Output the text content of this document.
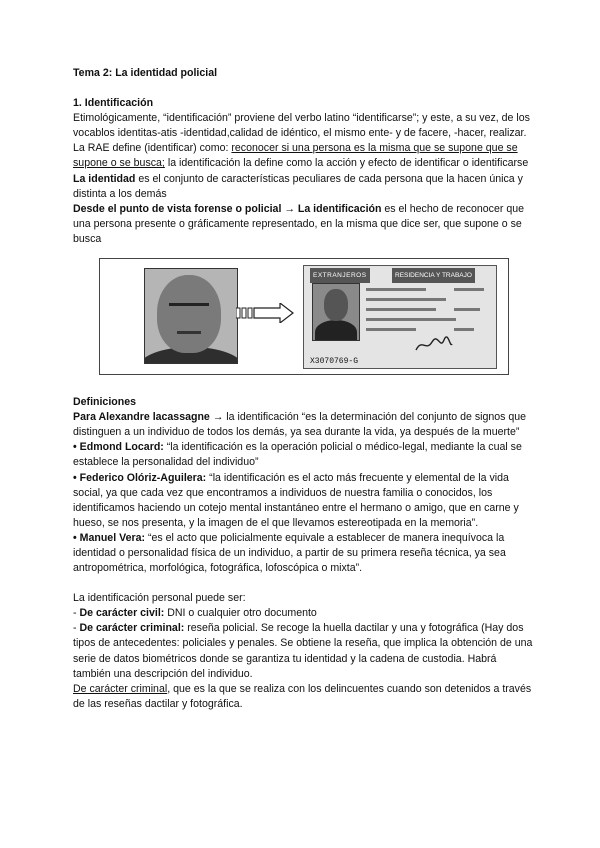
Tema 2: La identidad policial

1. Identificación

Etimológicamente, “identificación” proviene del verbo latino “identificarse”; y este, a su vez, de los vocablos identitas-atis -identidad,calidad de idéntico, el mismo ente- y de facere, -hacer, realizar.

La RAE define (identificar) como: reconocer si una persona es la misma que se supone que se supone o se busca; la identificación la define como la acción y efecto de identificar o identificarse

La identidad es el conjunto de características peculiares de cada persona que la hacen única y distinta a los demás

Desde el punto de vista forense o policial → La identificación es el hecho de reconocer que una persona presente o gráficamente representado, en la misma que dice ser, que supone o se busca

EXTRANJEROS	RESIDENCIA Y TRABAJO
X3070769-G

Definiciones

Para Alexandre lacassagne → la identificación “es la determinación del conjunto de signos que distinguen a un individuo de todos los demás, ya sea durante la vida, ya después de la muerte”

• Edmond Locard: “la identificación es la operación policial o médico-legal, mediante la cual se establece la personalidad del individuo”

• Federico Olóriz-Aguilera: “la identificación es el acto más frecuente y elemental de la vida social, ya que cada vez que encontramos a individuos de nuestra familia o conocidos, los identificamos haciendo un cotejo mental instantáneo entre el hermano o amigo, que en carne y hueso, se nos presenta, y la imagen de el que llevamos estereotipada en la memoria”.

• Manuel Vera: “es el acto que policialmente equivale a establecer de manera inequívoca la identidad o personalidad física de un individuo, a partir de su primera reseña técnica, ya sea antropométrica, morfológica, fotográfica, lofoscópica o mixta”.

La identificación personal puede ser:

- De carácter civil: DNI o cualquier otro documento

- De carácter criminal: reseña policial. Se recoge la huella dactilar y una y fotográfica (Hay dos tipos de antecedentes: policiales y penales. Se obtiene la reseña, que implica la obtención de una serie de datos biométricos donde se garantiza tu identidad y la cadena de custodia. Habrá también una descripción del individuo.

De carácter criminal, que es la que se realiza con los delincuentes cuando son detenidos a través de las reseñas dactilar y fotográfica.
